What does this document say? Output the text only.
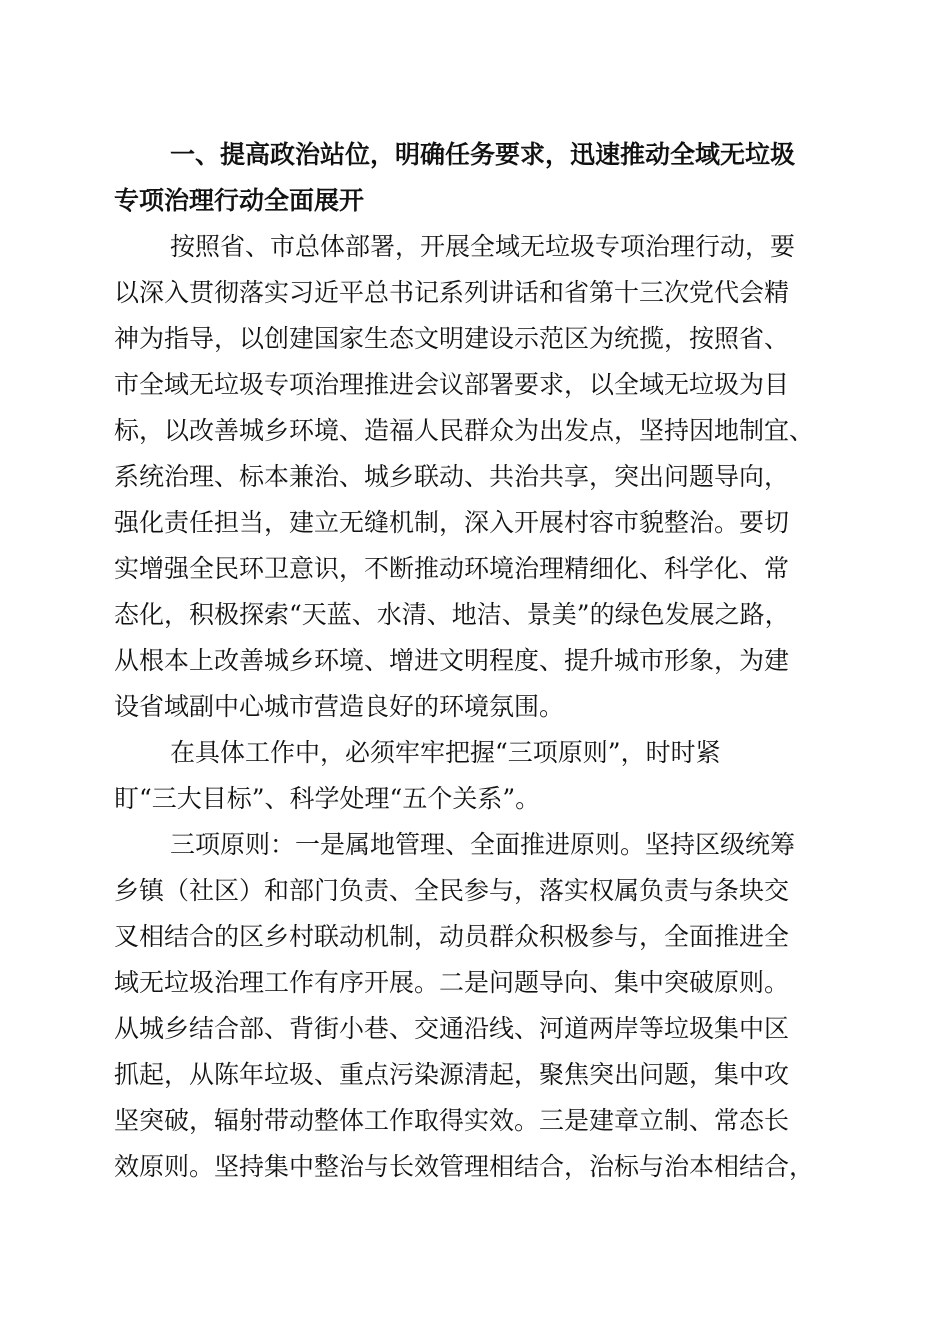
一、提高政治站位，明确任务要求，迅速推动全域无垃圾
专项治理行动全面展开
按照省、市总体部署，开展全域无垃圾专项治理行动，要
以深入贯彻落实习近平总书记系列讲话和省第十三次党代会精
神为指导，以创建国家生态文明建设示范区为统揽，按照省、
市全域无垃圾专项治理推进会议部署要求，以全域无垃圾为目
标，以改善城乡环境、造福人民群众为出发点，坚持因地制宜、
系统治理、标本兼治、城乡联动、共治共享，突出问题导向，
强化责任担当，建立无缝机制，深入开展村容市貌整治。要切
实增强全民环卫意识，不断推动环境治理精细化、科学化、常
态化，积极探索“天蓝、水清、地洁、景美”的绿色发展之路，
从根本上改善城乡环境、增进文明程度、提升城市形象，为建
设省域副中心城市营造良好的环境氛围。
在具体工作中，必须牢牢把握“三项原则”，时时紧
盯“三大目标”、科学处理“五个关系”。
三项原则：一是属地管理、全面推进原则。坚持区级统筹
乡镇（社区）和部门负责、全民参与，落实权属负责与条块交
叉相结合的区乡村联动机制，动员群众积极参与，全面推进全
域无垃圾治理工作有序开展。二是问题导向、集中突破原则。
从城乡结合部、背街小巷、交通沿线、河道两岸等垃圾集中区
抓起，从陈年垃圾、重点污染源清起，聚焦突出问题，集中攻
坚突破，辐射带动整体工作取得实效。三是建章立制、常态长
效原则。坚持集中整治与长效管理相结合，治标与治本相结合，
